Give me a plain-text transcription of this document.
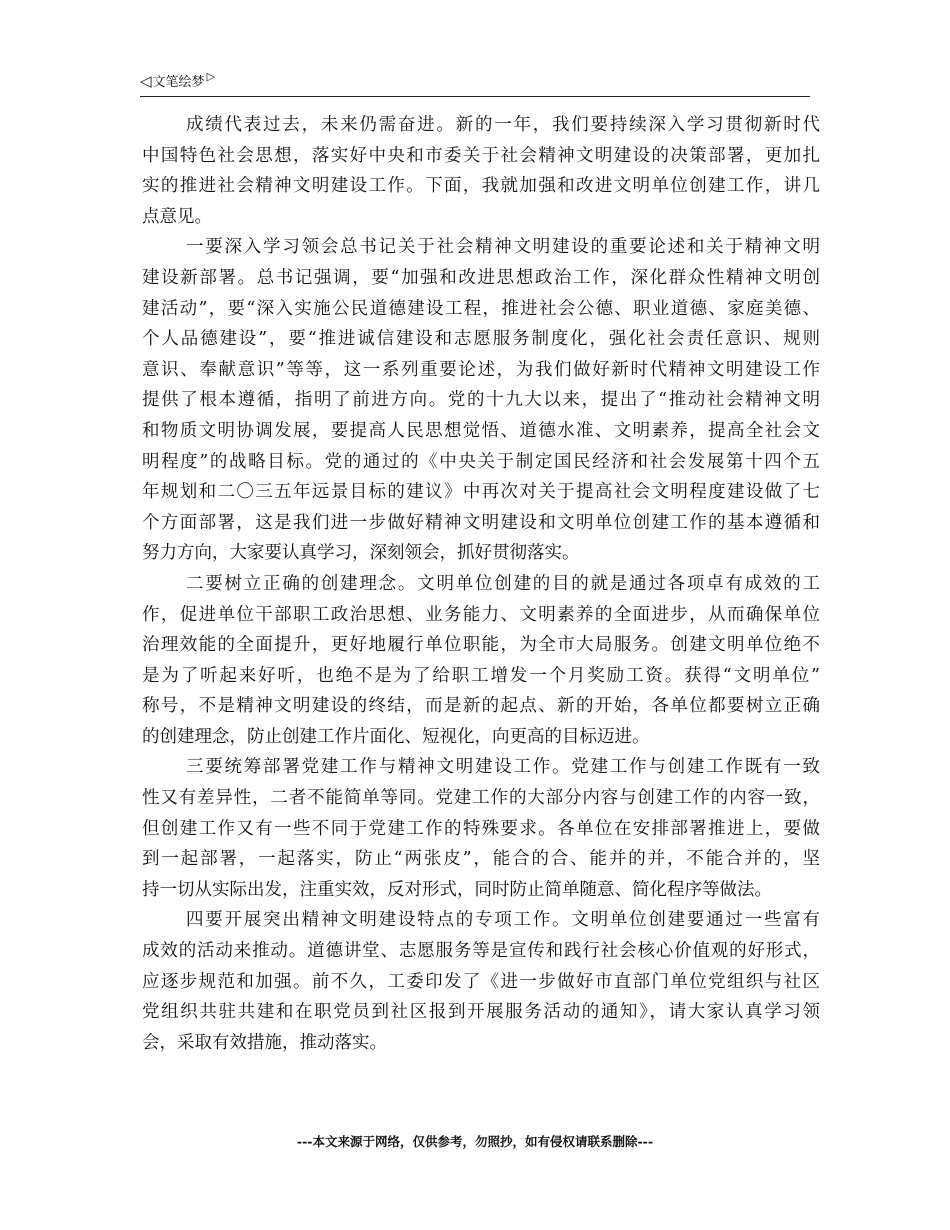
◁文笔绘梦 ▷

成绩代表过去，未来仍需奋进。新的一年，我们要持续深入学习贯彻新时代
中国特色社会思想，落实好中央和市委关于社会精神文明建设的决策部署，更加扎
实的推进社会精神文明建设工作。下面，我就加强和改进文明单位创建工作，讲几
点意见。

一要深入学习领会总书记关于社会精神文明建设的重要论述和关于精神文明
建设新部署。总书记强调，要“加强和改进思想政治工作，深化群众性精神文明创
建活动”，要“深入实施公民道德建设工程，推进社会公德、职业道德、家庭美德、
个人品德建设”，要“推进诚信建设和志愿服务制度化，强化社会责任意识、规则
意识、奉献意识”等等，这一系列重要论述，为我们做好新时代精神文明建设工作
提供了根本遵循，指明了前进方向。党的十九大以来，提出了“推动社会精神文明
和物质文明协调发展，要提高人民思想觉悟、道德水准、文明素养，提高全社会文
明程度”的战略目标。党的通过的《中央关于制定国民经济和社会发展第十四个五
年规划和二〇三五年远景目标的建议》中再次对关于提高社会文明程度建设做了七
个方面部署，这是我们进一步做好精神文明建设和文明单位创建工作的基本遵循和
努力方向，大家要认真学习，深刻领会，抓好贯彻落实。

二要树立正确的创建理念。文明单位创建的目的就是通过各项卓有成效的工
作，促进单位干部职工政治思想、业务能力、文明素养的全面进步，从而确保单位
治理效能的全面提升，更好地履行单位职能，为全市大局服务。创建文明单位绝不
是为了听起来好听，也绝不是为了给职工增发一个月奖励工资。获得“文明单位”
称号，不是精神文明建设的终结，而是新的起点、新的开始，各单位都要树立正确
的创建理念，防止创建工作片面化、短视化，向更高的目标迈进。

三要统筹部署党建工作与精神文明建设工作。党建工作与创建工作既有一致
性又有差异性，二者不能简单等同。党建工作的大部分内容与创建工作的内容一致，
但创建工作又有一些不同于党建工作的特殊要求。各单位在安排部署推进上，要做
到一起部署，一起落实，防止“两张皮”，能合的合、能并的并，不能合并的，坚
持一切从实际出发，注重实效，反对形式，同时防止简单随意、简化程序等做法。

四要开展突出精神文明建设特点的专项工作。文明单位创建要通过一些富有
成效的活动来推动。道德讲堂、志愿服务等是宣传和践行社会核心价值观的好形式，
应逐步规范和加强。前不久，工委印发了《进一步做好市直部门单位党组织与社区
党组织共驻共建和在职党员到社区报到开展服务活动的通知》，请大家认真学习领
会，采取有效措施，推动落实。

---本文来源于网络，仅供参考，勿照抄，如有侵权请联系删除---
